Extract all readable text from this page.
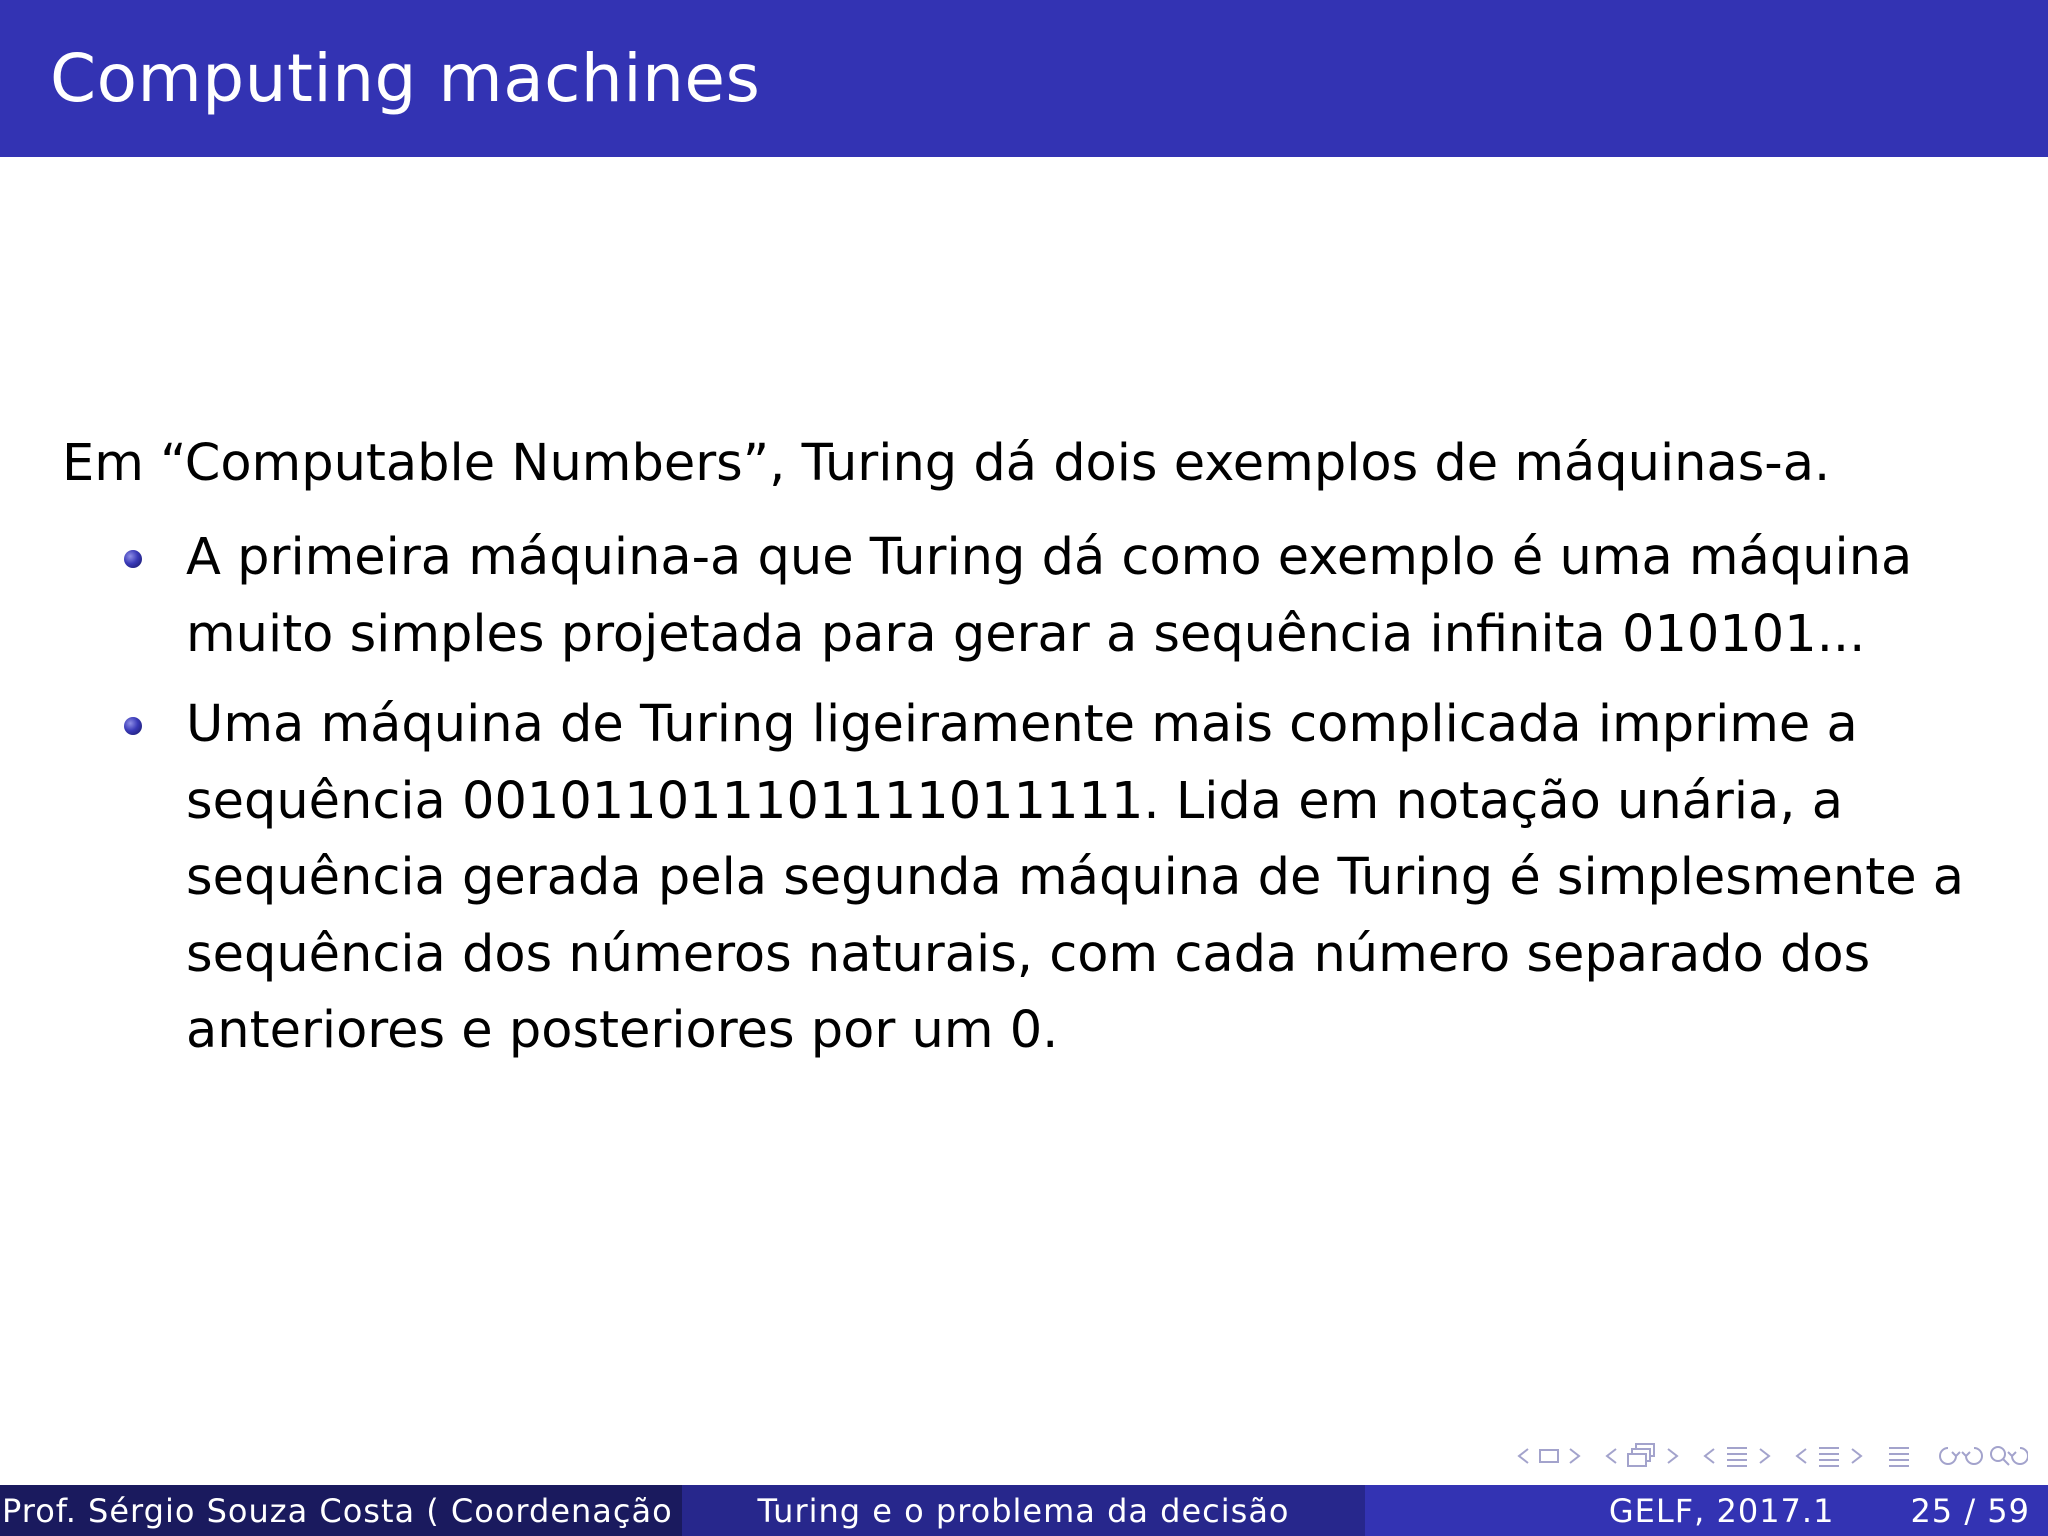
Computing machines

Em “Computable Numbers”, Turing dá dois exemplos de máquinas-a.

A primeira máquina-a que Turing dá como exemplo é uma máquina
muito simples projetada para gerar a sequência infinita 010101...
Uma máquina de Turing ligeiramente mais complicada imprime a
sequência 001011011101111011111. Lida em notação unária, a
sequência gerada pela segunda máquina de Turing é simplesmente a
sequência dos números naturais, com cada número separado dos
anteriores e posteriores por um 0.
Prof. Sérgio Souza Costa ( Coordenação	Turing e o problema da decisão	GELF, 2017.1 25 / 59
